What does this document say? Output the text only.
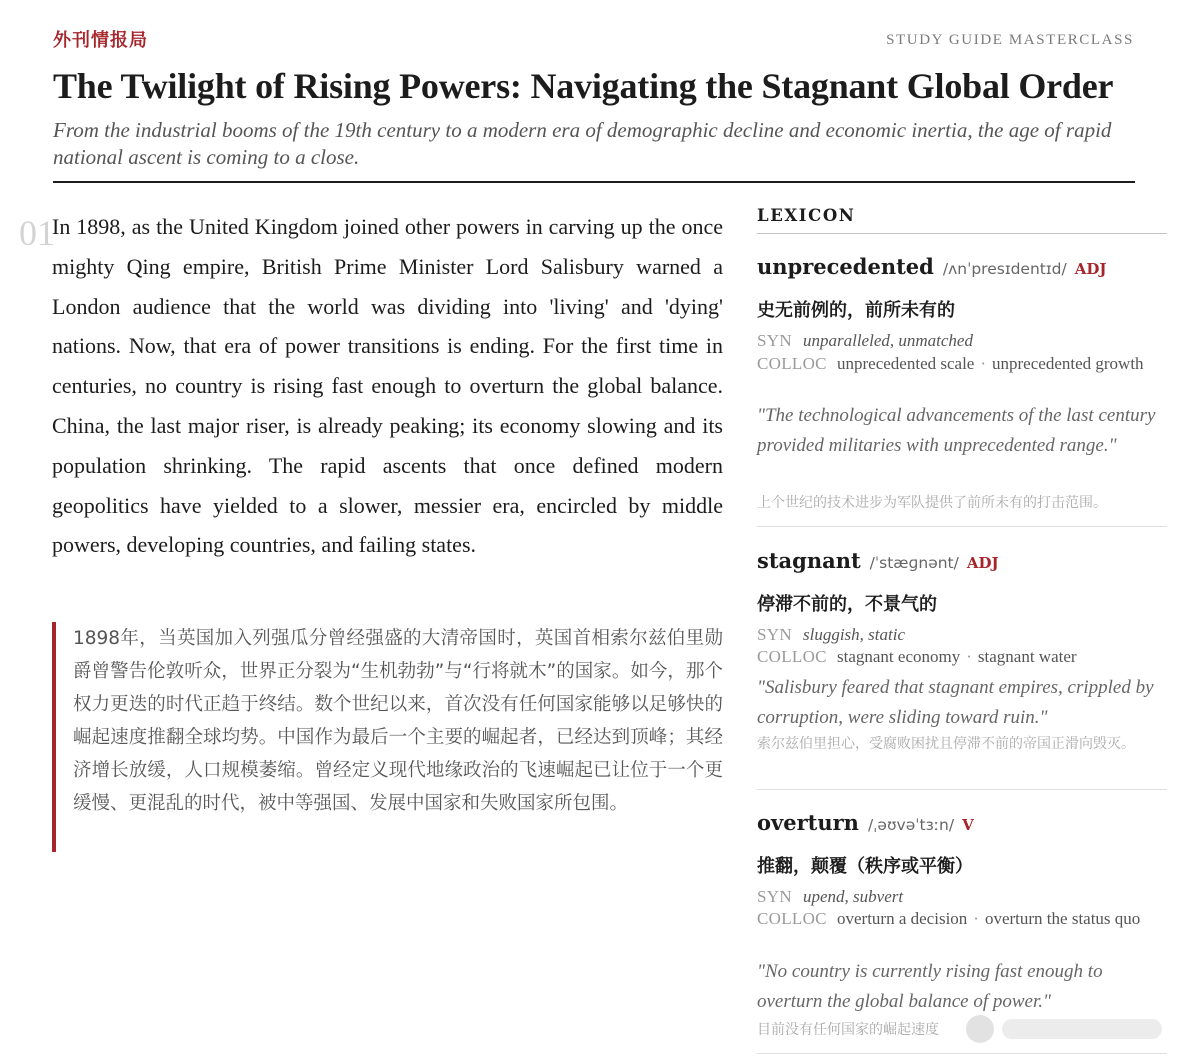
外刊情报局	STUDY GUIDE MASTERCLASS
The Twilight of Rising Powers: Navigating the Stagnant Global Order

From the industrial booms of the 19th century to a modern era of demographic decline and economic inertia, the age of rapid national ascent is coming to a close.

01

In 1898, as the United Kingdom joined other powers in carving up the once mighty Qing empire, British Prime Minister Lord Salisbury warned a London audience that the world was dividing into 'living' and 'dying' nations. Now, that era of power transitions is ending. For the first time in centuries, no country is rising fast enough to overturn the global balance. China, the last major riser, is already peaking; its economy slowing and its population shrinking. The rapid ascents that once defined modern geopolitics have yielded to a slower, messier era, encircled by middle powers, developing countries, and failing states.

1898年，当英国加入列强瓜分曾经强盛的大清帝国时，英国首相索尔兹伯里勋爵曾警告伦敦听众，世界正分裂为“生机勃勃”与“行将就木”的国家。如今，那个权力更迭的时代正趋于终结。数个世纪以来，首次没有任何国家能够以足够快的崛起速度推翻全球均势。中国作为最后一个主要的崛起者，已经达到顶峰；其经济增长放缓，人口规模萎缩。曾经定义现代地缘政治的飞速崛起已让位于一个更缓慢、更混乱的时代，被中等强国、发展中国家和失败国家所包围。

LEXICON
unprecedented /ʌnˈpresɪdentɪd/ ADJ
史无前例的，前所未有的
SYN unparalleled, unmatched
COLLOC unprecedented scale · unprecedented growth
"The technological advancements of the last century provided militaries with unprecedented range."
上个世纪的技术进步为军队提供了前所未有的打击范围。
stagnant /ˈstæɡnənt/ ADJ
停滞不前的，不景气的
SYN sluggish, static
COLLOC stagnant economy · stagnant water
"Salisbury feared that stagnant empires, crippled by corruption, were sliding toward ruin."
索尔兹伯里担心，受腐败困扰且停滞不前的帝国正滑向毁灭。
overturn /ˌəʊvəˈtɜːn/ V
推翻，颠覆（秩序或平衡）
SYN upend, subvert
COLLOC overturn a decision · overturn the status quo
"No country is currently rising fast enough to overturn the global balance of power."
目前没有任何国家的崛起速度
